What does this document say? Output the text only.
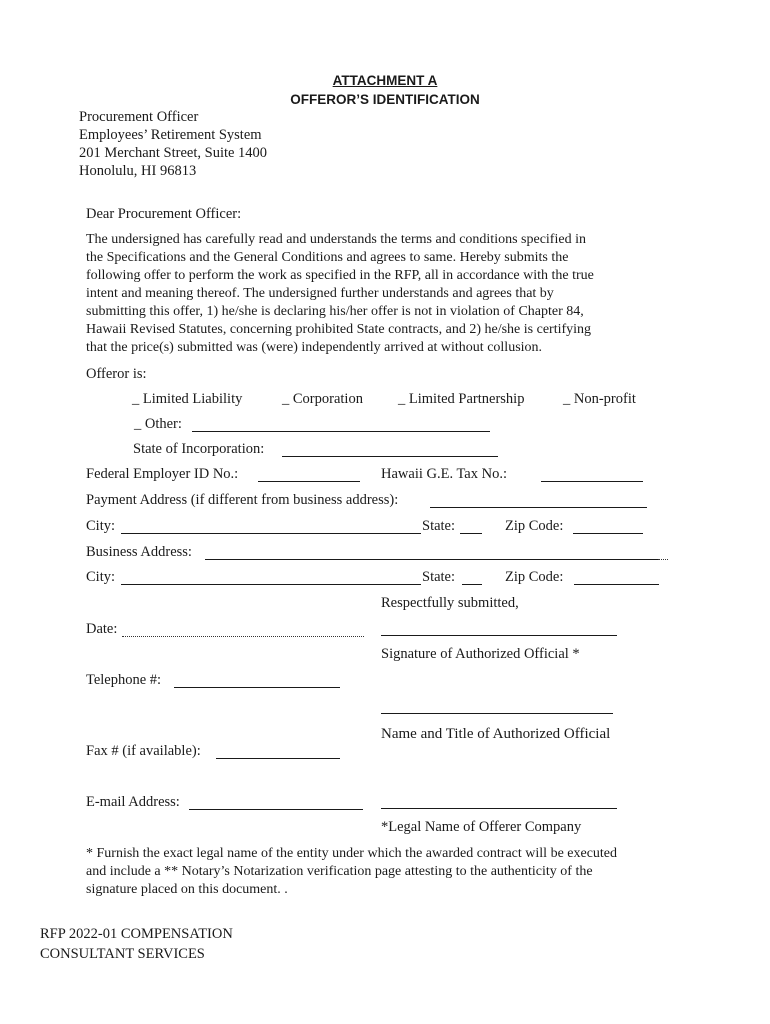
ATTACHMENT A
OFFEROR’S IDENTIFICATION
Procurement Officer
Employees’ Retirement System
201 Merchant Street, Suite 1400
Honolulu, HI 96813
Dear Procurement Officer:
The undersigned has carefully read and understands the terms and conditions specified in
the Specifications and the General Conditions and agrees to same. Hereby submits the
following offer to perform the work as specified in the RFP, all in accordance with the true
intent and meaning thereof. The undersigned further understands and agrees that by
submitting this offer, 1) he/she is declaring his/her offer is not in violation of Chapter 84,
Hawaii Revised Statutes, concerning prohibited State contracts, and 2) he/she is certifying
that the price(s) submitted was (were) independently arrived at without collusion.
Offeror is:
_ Limited Liability	_ Corporation _ Limited Partnership	_ Non-profit
_ Other:
State of Incorporation:
Federal Employer ID No.:	Hawaii G.E. Tax No.:
Payment Address (if different from business address):
City:	State:	Zip Code:
Business Address:
City:	State:	Zip Code:
Respectfully submitted,
Date:
Signature of Authorized Official *
Telephone #:
Name and Title of Authorized Official
Fax # (if available):
E-mail Address:
*Legal Name of Offerer Company
* Furnish the exact legal name of the entity under which the awarded contract will be executed
and include a ** Notary’s Notarization verification page attesting to the authenticity of the
signature placed on this document. .
RFP 2022-01 COMPENSATION
CONSULTANT SERVICES
